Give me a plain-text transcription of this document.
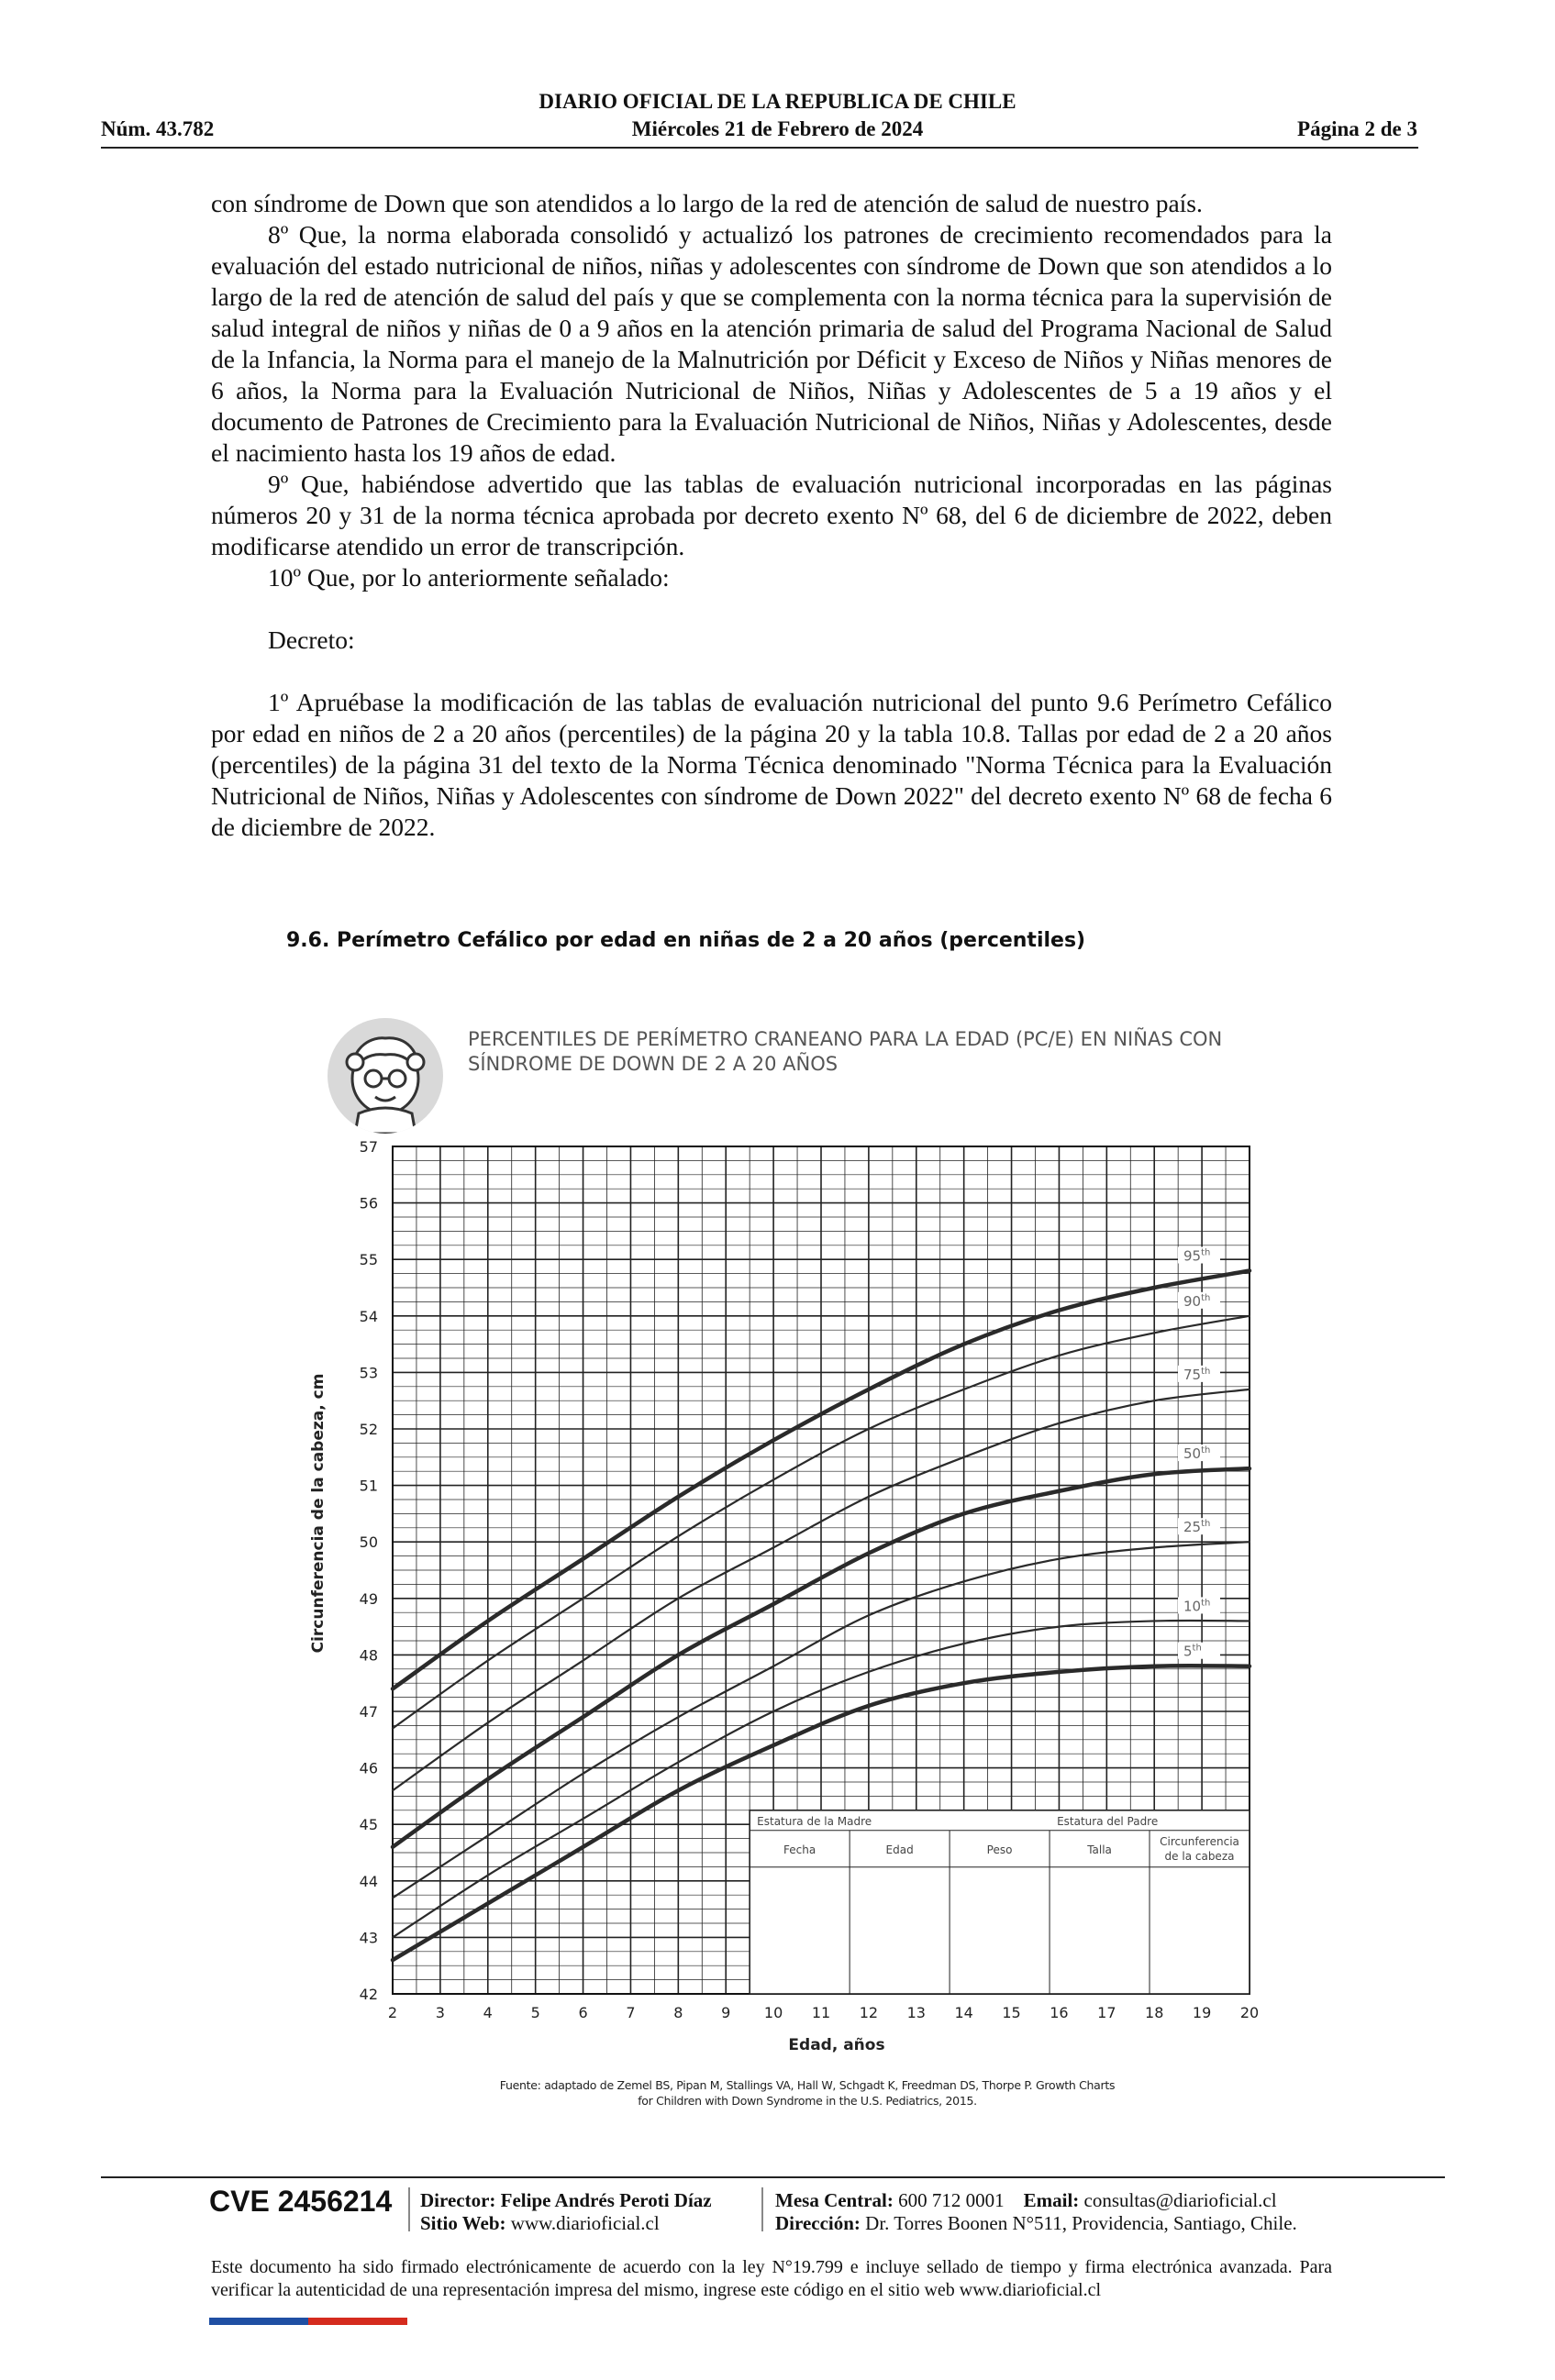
DIARIO OFICIAL DE LA REPUBLICA DE CHILE
Miércoles 21 de Febrero de 2024
Núm. 43.782	Página 2 de 3

con síndrome de Down que son atendidos a lo largo de la red de atención de salud de nuestro país.

8º Que, la norma elaborada consolidó y actualizó los patrones de crecimiento recomendados para la evaluación del estado nutricional de niños, niñas y adolescentes con síndrome de Down que son atendidos a lo largo de la red de atención de salud del país y que se complementa con la norma técnica para la supervisión de salud integral de niños y niñas de 0 a 9 años en la atención primaria de salud del Programa Nacional de Salud de la Infancia, la Norma para el manejo de la Malnutrición por Déficit y Exceso de Niños y Niñas menores de 6 años, la Norma para la Evaluación Nutricional de Niños, Niñas y Adolescentes de 5 a 19 años y el documento de Patrones de Crecimiento para la Evaluación Nutricional de Niños, Niñas y Adolescentes, desde el nacimiento hasta los 19 años de edad.

9º Que, habiéndose advertido que las tablas de evaluación nutricional incorporadas en las páginas números 20 y 31 de la norma técnica aprobada por decreto exento Nº 68, del 6 de diciembre de 2022, deben modificarse atendido un error de transcripción.

10º Que, por lo anteriormente señalado:

Decreto:

1º Apruébase la modificación de las tablas de evaluación nutricional del punto 9.6 Perímetro Cefálico por edad en niños de 2 a 20 años (percentiles) de la página 20 y la tabla 10.8. Tallas por edad de 2 a 20 años (percentiles) de la página 31 del texto de la Norma Técnica denominado "Norma Técnica para la Evaluación Nutricional de Niños, Niñas y Adolescentes con síndrome de Down 2022" del decreto exento Nº 68 de fecha 6 de diciembre de 2022.

9.6. Perímetro Cefálico por edad en niñas de 2 a 20 años (percentiles)
PERCENTILES DE PERÍMETRO CRANEANO PARA LA EDAD (PC/E) EN NIÑAS CON SÍNDROME DE DOWN DE 2 A 20 AÑOS
42
43
44
45
46
47
48
49
50
51
52
53
54
55
56
57
2	3	4	5	6	7	8	9 10 11 12 13 14 15 16 17 18 19 20
Circunferencia de la cabeza, cm
Edad, años
Estatura de la Madre	Estatura del Padre
Fecha	Edad	Peso	Talla
Circunferencia
de la cabeza
95th
90th
75th
50th
25th
10th
5th
Fuente: adaptado de Zemel BS, Pipan M, Stallings VA, Hall W, Schgadt K, Freedman DS, Thorpe P. Growth Charts for Children with Down Syndrome in the U.S. Pediatrics, 2015.
CVE 2456214 Director: Felipe Andrés Peroti Díaz
Sitio Web: www.diarioficial.cl
Mesa Central: 600 712 0001 Email: consultas@diarioficial.cl
Dirección: Dr. Torres Boonen N°511, Providencia, Santiago, Chile.
Este documento ha sido firmado electrónicamente de acuerdo con la ley N°19.799 e incluye sellado de tiempo y firma electrónica avanzada. Para verificar la autenticidad de una representación impresa del mismo, ingrese este código en el sitio web www.diarioficial.cl
